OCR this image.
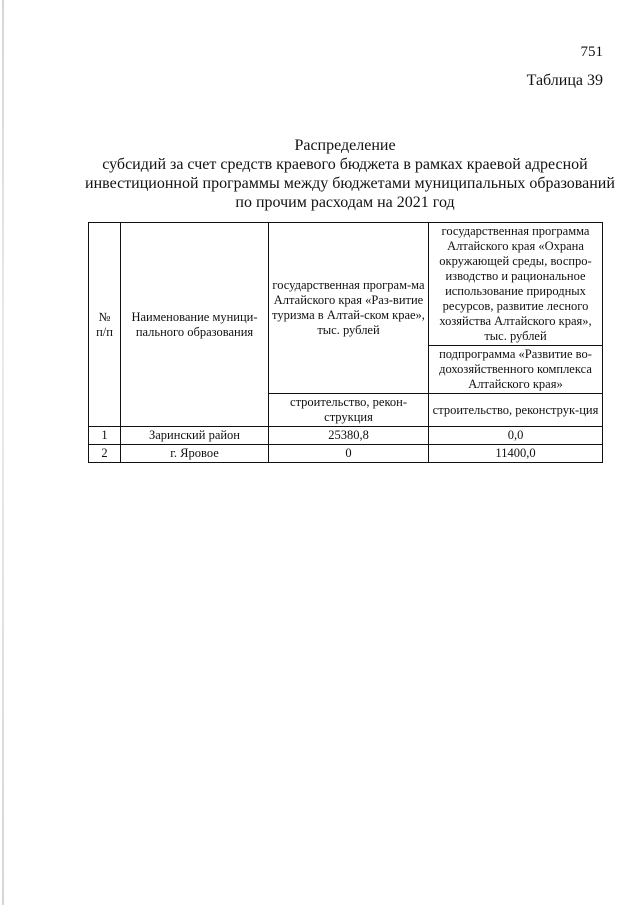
751
Таблица 39
Распределение
субсидий за счет средств краевого бюджета в рамках краевой адресной
инвестиционной программы между бюджетами муниципальных образований
по прочим расходам на 2021 год
№ п/п	Наименование муници-пального образования	государственная програм-ма Алтайского края «Раз-витие туризма в Алтай-ском крае», тыс. рублей	государственная программа Алтайского края «Охрана окружающей среды, воспро-изводство и рациональное использование природных ресурсов, развитие лесного хозяйства Алтайского края», тыс. рублей
			подпрограмма «Развитие во-дохозяйственного комплекса Алтайского края»
		строительство, рекон-струкция	строительство, реконструк-ция
1	Заринский район	25380,8	0,0
2	г. Яровое	0	11400,0
